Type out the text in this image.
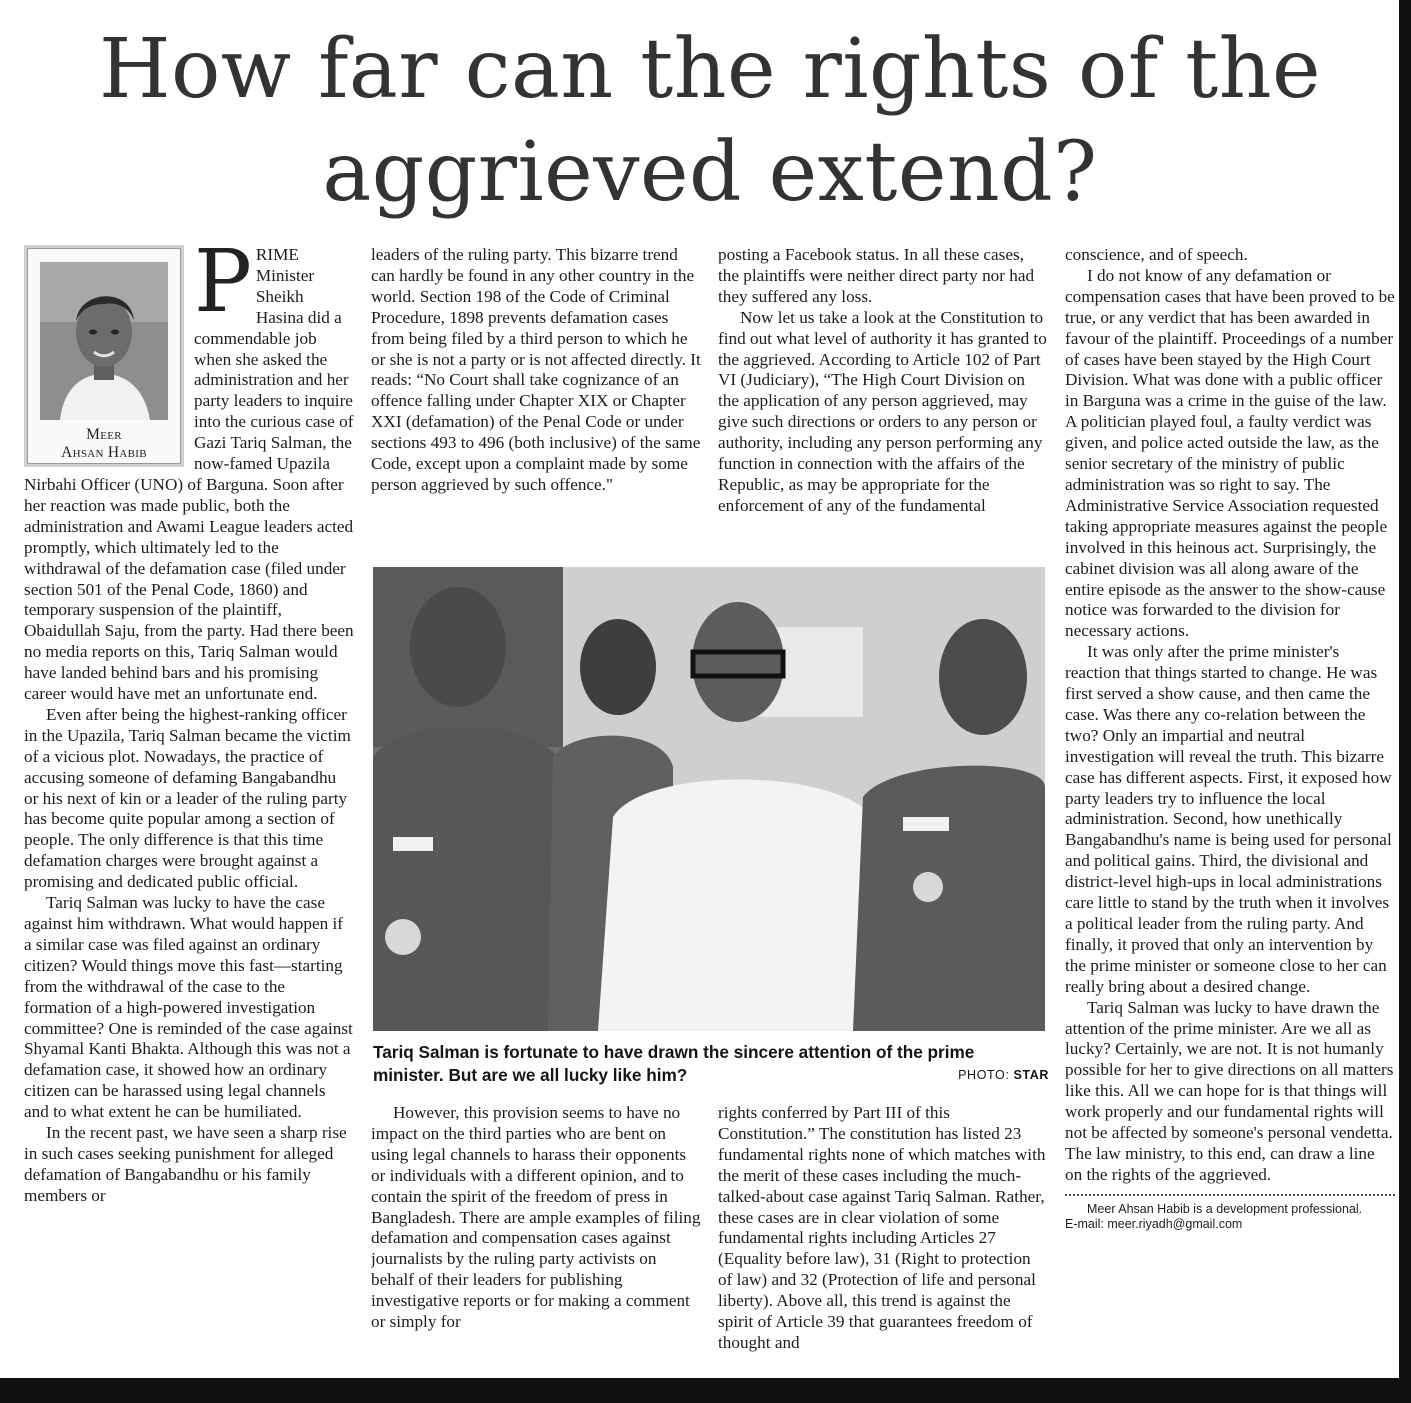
How far can the rights of the
aggrieved extend?
Meer
Ahsan Habib
P RIME Minister Sheikh Hasina did a commendable job when she asked the administration and her party leaders to inquire into the curious case of Gazi Tariq Salman, the now-famed Upazila Nirbahi Officer (UNO) of Barguna. Soon after her reaction was made public, both the administration and Awami League leaders acted promptly, which ultimately led to the withdrawal of the defamation case (filed under section 501 of the Penal Code, 1860) and temporary suspension of the plaintiff, Obaidullah Saju, from the party. Had there been no media reports on this, Tariq Salman would have landed behind bars and his promising career would have met an unfortunate end.

Even after being the highest-ranking officer in the Upazila, Tariq Salman became the victim of a vicious plot. Nowadays, the practice of accusing someone of defaming Bangabandhu or his next of kin or a leader of the ruling party has become quite popular among a section of people. The only difference is that this time defamation charges were brought against a promising and dedicated public official.

Tariq Salman was lucky to have the case against him withdrawn. What would happen if a similar case was filed against an ordinary citizen? Would things move this fast—starting from the withdrawal of the case to the formation of a high-powered investigation committee? One is reminded of the case against Shyamal Kanti Bhakta. Although this was not a defamation case, it showed how an ordinary citizen can be harassed using legal channels and to what extent he can be humiliated.

In the recent past, we have seen a sharp rise in such cases seeking punishment for alleged defamation of Bangabandhu or his family members or

leaders of the ruling party. This bizarre trend can hardly be found in any other country in the world. Section 198 of the Code of Criminal Procedure, 1898 prevents defamation cases from being filed by a third person to which he or she is not a party or is not affected directly. It reads: “No Court shall take cognizance of an offence falling under Chapter XIX or Chapter XXI (defamation) of the Penal Code or under sections 493 to 496 (both inclusive) of the same Code, except upon a complaint made by some person aggrieved by such offence."

posting a Facebook status. In all these cases, the plaintiffs were neither direct party nor had they suffered any loss.

Now let us take a look at the Constitution to find out what level of authority it has granted to the aggrieved. According to Article 102 of Part VI (Judiciary), “The High Court Division on the application of any person aggrieved, may give such directions or orders to any person or authority, including any person performing any function in connection with the affairs of the Republic, as may be appropriate for the enforcement of any of the fundamental

Tariq Salman is fortunate to have drawn the sincere attention of the prime minister. But are we all lucky like him?	PHOTO: STAR

However, this provision seems to have no impact on the third parties who are bent on using legal channels to harass their opponents or individuals with a different opinion, and to contain the spirit of the freedom of press in Bangladesh. There are ample examples of filing defamation and compensation cases against journalists by the ruling party activists on behalf of their leaders for publishing investigative reports or for making a comment or simply for

rights conferred by Part III of this Constitution.” The constitution has listed 23 fundamental rights none of which matches with the merit of these cases including the much-talked-about case against Tariq Salman. Rather, these cases are in clear violation of some fundamental rights including Articles 27 (Equality before law), 31 (Right to protection of law) and 32 (Protection of life and personal liberty). Above all, this trend is against the spirit of Article 39 that guarantees freedom of thought and

conscience, and of speech.

I do not know of any defamation or compensation cases that have been proved to be true, or any verdict that has been awarded in favour of the plaintiff. Proceedings of a number of cases have been stayed by the High Court Division. What was done with a public officer in Barguna was a crime in the guise of the law. A politician played foul, a faulty verdict was given, and police acted outside the law, as the senior secretary of the ministry of public administration was so right to say. The Administrative Service Association requested taking appropriate measures against the people involved in this heinous act. Surprisingly, the cabinet division was all along aware of the entire episode as the answer to the show-cause notice was forwarded to the division for necessary actions.

It was only after the prime minister's reaction that things started to change. He was first served a show cause, and then came the case. Was there any co-relation between the two? Only an impartial and neutral investigation will reveal the truth. This bizarre case has different aspects. First, it exposed how party leaders try to influence the local administration. Second, how unethically Bangabandhu's name is being used for personal and political gains. Third, the divisional and district-level high-ups in local administrations care little to stand by the truth when it involves a political leader from the ruling party. And finally, it proved that only an intervention by the prime minister or someone close to her can really bring about a desired change.

Tariq Salman was lucky to have drawn the attention of the prime minister. Are we all as lucky? Certainly, we are not. It is not humanly possible for her to give directions on all matters like this. All we can hope for is that things will work properly and our fundamental rights will not be affected by someone's personal vendetta. The law ministry, to this end, can draw a line on the rights of the aggrieved.

Meer Ahsan Habib is a development professional.
E-mail: meer.riyadh@gmail.com
